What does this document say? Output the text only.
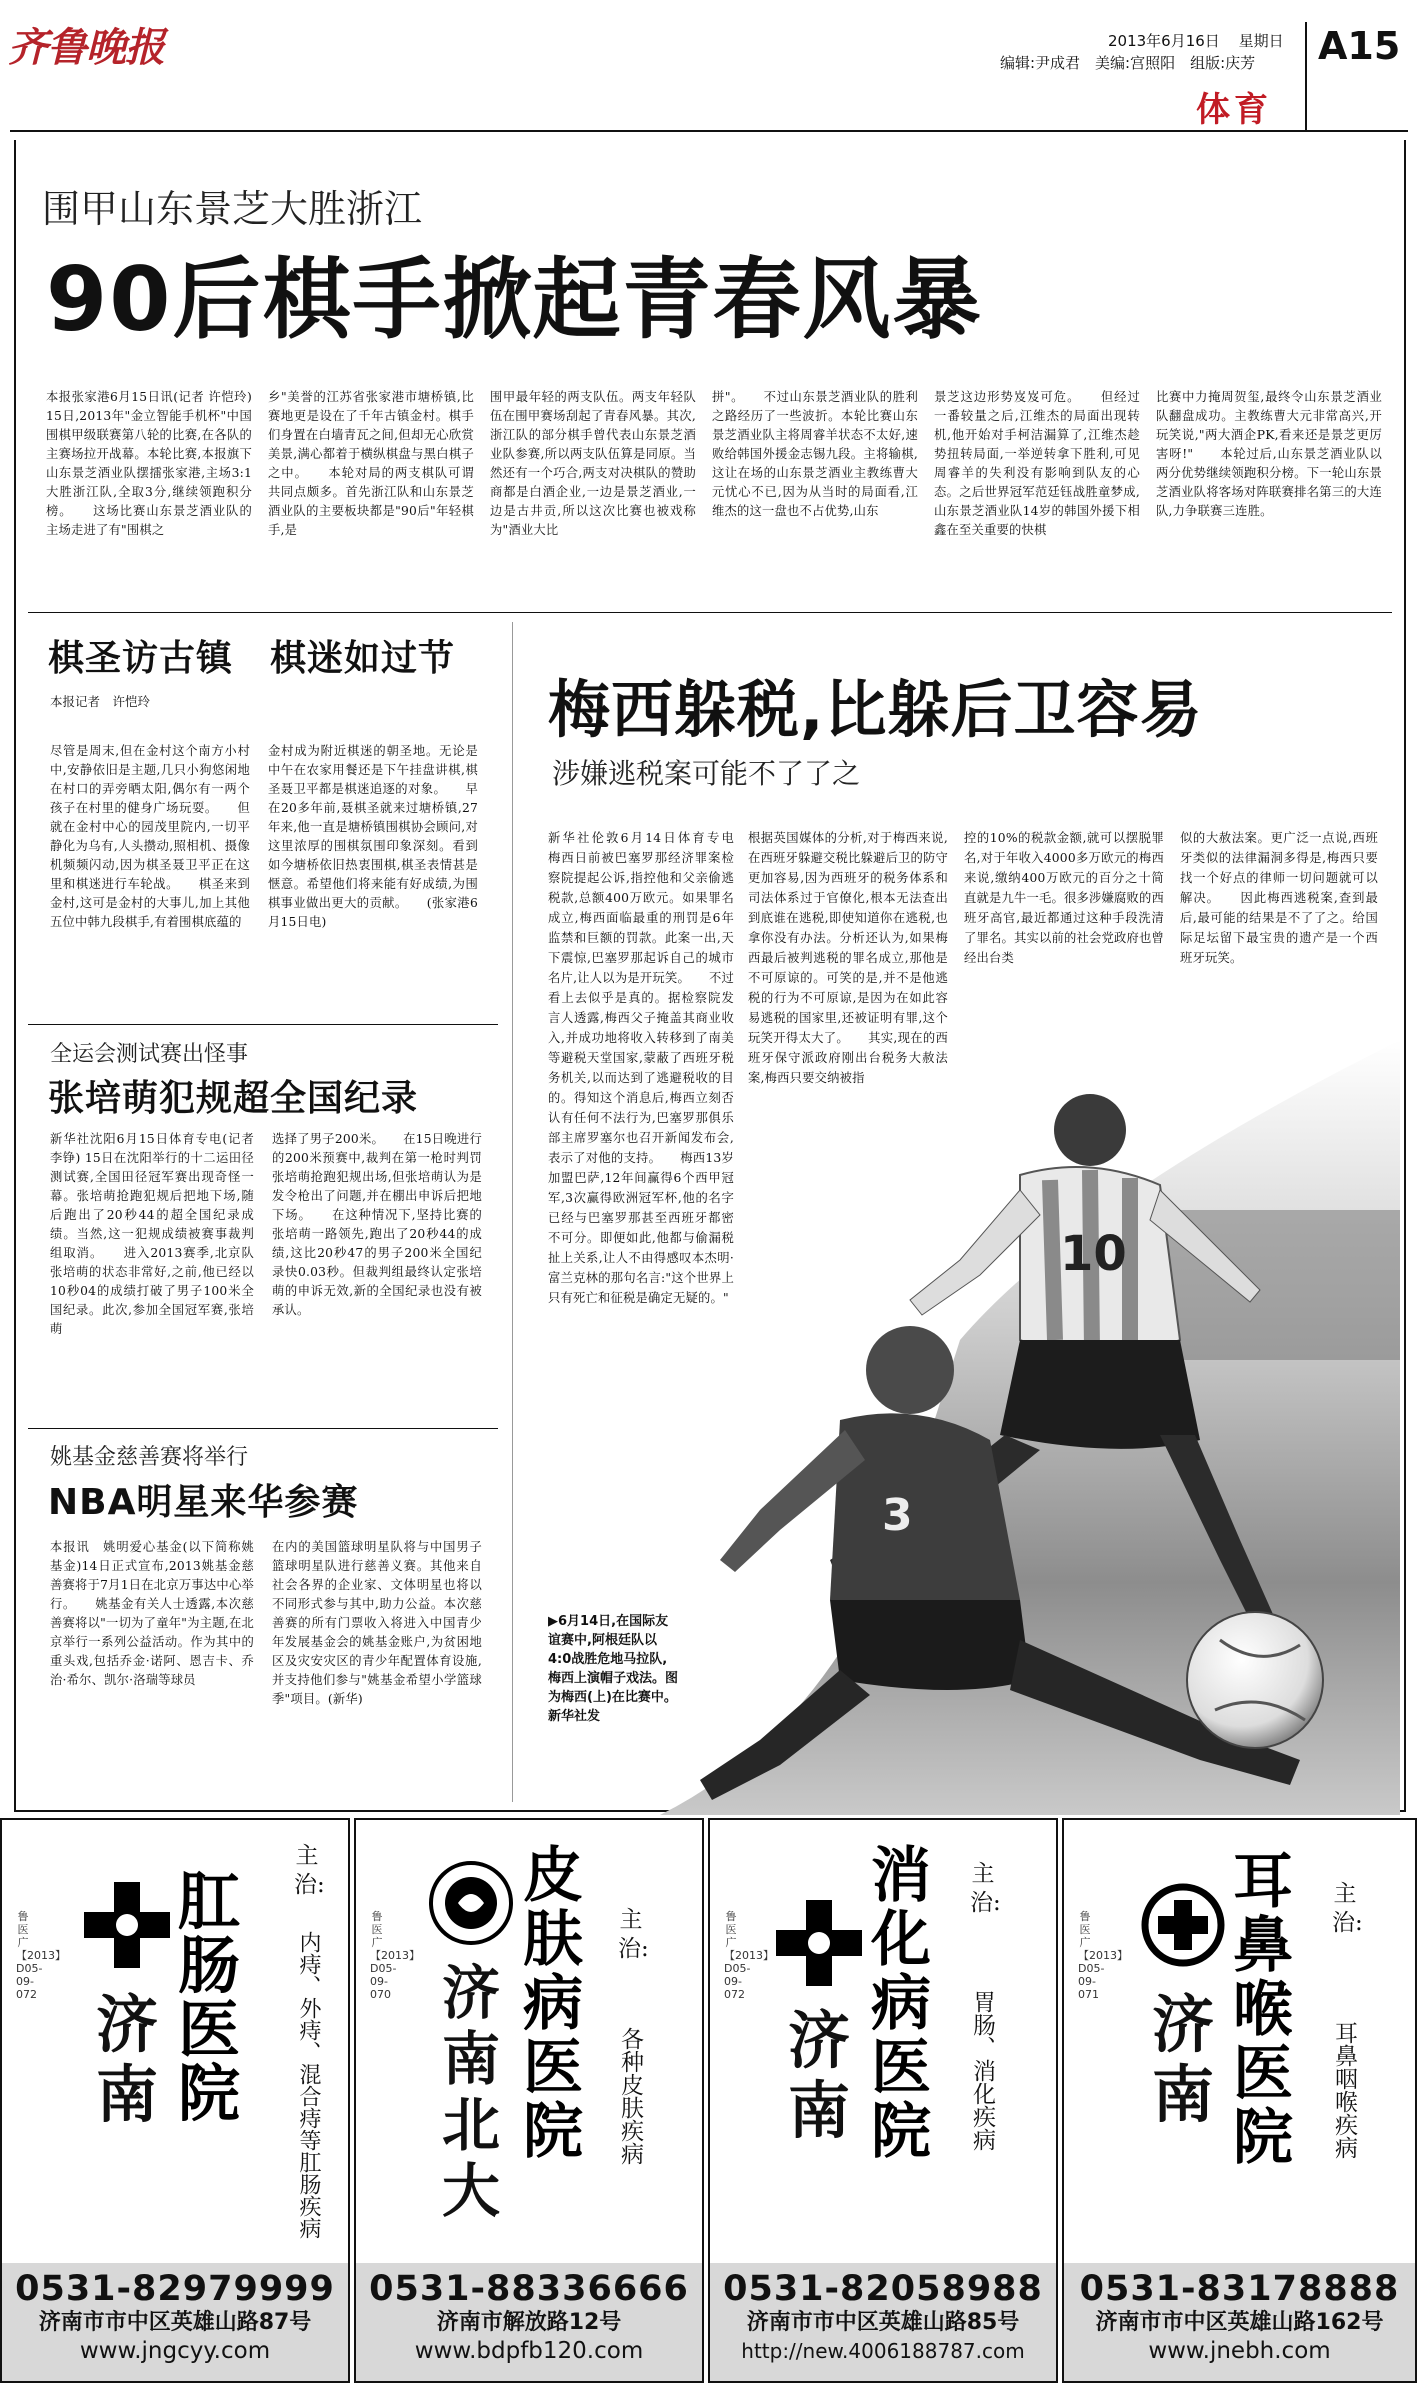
齐鲁晚报	2013年6月16日 星期日
编辑:尹成君　美编:宫照阳　组版:庆芳 A15
体育
围甲山东景芝大胜浙江
90后棋手掀起青春风暴
本报张家港6月15日讯(记者 许恺玲) 15日,2013年"金立智能手机杯"中国围棋甲级联赛第八轮的比赛,在各队的主赛场拉开战幕。本轮比赛,本报旗下山东景芝酒业队摆擂张家港,主场3:1大胜浙江队,全取3分,继续领跑积分榜。　　这场比赛山东景芝酒业队的主场走进了有"围棋之
乡"美誉的江苏省张家港市塘桥镇,比赛地更是设在了千年古镇金村。棋手们身置在白墙青瓦之间,但却无心欣赏美景,满心都着于横纵棋盘与黑白棋子之中。　　本轮对局的两支棋队可谓共同点颇多。首先浙江队和山东景芝酒业队的主要板块都是"90后"年轻棋手,是
围甲最年轻的两支队伍。两支年轻队伍在围甲赛场刮起了青春风暴。其次,浙江队的部分棋手曾代表山东景芝酒业队参赛,所以两支队伍算是同原。当然还有一个巧合,两支对决棋队的赞助商都是白酒企业,一边是景芝酒业,一边是古井贡,所以这次比赛也被戏称为"酒业大比
拼"。　　不过山东景芝酒业队的胜利之路经历了一些波折。本轮比赛山东景芝酒业队主将周睿羊状态不太好,速败给韩国外援金志锡九段。主将输棋,这让在场的山东景芝酒业主教练曹大元忧心不已,因为从当时的局面看,江维杰的这一盘也不占优势,山东
景芝这边形势岌岌可危。　　但经过一番较量之后,江维杰的局面出现转机,他开始对手柯洁漏算了,江维杰趁势扭转局面,一举逆转拿下胜利,可见周睿羊的失利没有影响到队友的心态。之后世界冠军范廷钰战胜童梦成,山东景芝酒业队14岁的韩国外援下相鑫在至关重要的快棋
比赛中力掩周贺玺,最终令山东景芝酒业队翻盘成功。主教练曹大元非常高兴,开玩笑说,"两大酒企PK,看来还是景芝更厉害呀!"　　本轮过后,山东景芝酒业队以两分优势继续领跑积分榜。下一轮山东景芝酒业队将客场对阵联赛排名第三的大连队,力争联赛三连胜。
棋圣访古镇　棋迷如过节
本报记者　许恺玲
尽管是周末,但在金村这个南方小村中,安静依旧是主题,几只小狗悠闲地在村口的弄旁晒太阳,偶尔有一两个孩子在村里的健身广场玩耍。　　但就在金村中心的园茂里院内,一切平静化为乌有,人头攒动,照相机、摄像机频频闪动,因为棋圣聂卫平正在这里和棋迷进行车轮战。　　棋圣来到金村,这可是金村的大事儿,加上其他五位中韩九段棋手,有着围棋底蕴的
金村成为附近棋迷的朝圣地。无论是中午在农家用餐还是下午挂盘讲棋,棋圣聂卫平都是棋迷追逐的对象。　　早在20多年前,聂棋圣就来过塘桥镇,27年来,他一直是塘桥镇围棋协会顾问,对这里浓厚的围棋氛围印象深刻。看到如今塘桥依旧热衷围棋,棋圣表情甚是惬意。希望他们将来能有好成绩,为围棋事业做出更大的贡献。　　(张家港6月15日电)
全运会测试赛出怪事
张培萌犯规超全国纪录
新华社沈阳6月15日体育专电(记者 李铮) 15日在沈阳举行的十二运田径测试赛,全国田径冠军赛出现奇怪一幕。张培萌抢跑犯规后把地下场,随后跑出了20秒44的超全国纪录成绩。当然,这一犯规成绩被赛事裁判组取消。　　进入2013赛季,北京队张培萌的状态非常好,之前,他已经以10秒04的成绩打破了男子100米全国纪录。此次,参加全国冠军赛,张培萌
选择了男子200米。　　在15日晚进行的200米预赛中,裁判在第一枪时判罚张培萌抢跑犯规出场,但张培萌认为是发令枪出了问题,并在棚出申诉后把地下场。　　在这种情况下,坚持比赛的张培萌一路领先,跑出了20秒44的成绩,这比20秒47的男子200米全国纪录快0.03秒。但裁判组最终认定张培萌的申诉无效,新的全国纪录也没有被承认。
姚基金慈善赛将举行
NBA明星来华参赛
本报讯　姚明爱心基金(以下简称姚基金)14日正式宣布,2013姚基金慈善赛将于7月1日在北京万事达中心举行。　　姚基金有关人士透露,本次慈善赛将以"一切为了童年"为主题,在北京举行一系列公益活动。作为其中的重头戏,包括乔金·诺阿、恩吉卡、乔治·希尔、凯尔·洛瑞等球员
在内的美国篮球明星队将与中国男子篮球明星队进行慈善义赛。其他来自社会各界的企业家、文体明星也将以不同形式参与其中,助力公益。本次慈善赛的所有门票收入将进入中国青少年发展基金会的姚基金账户,为贫困地区及灾安灾区的青少年配置体育设施,并支持他们参与"姚基金希望小学篮球季"项目。(新华)
梅西躲税,比躲后卫容易
涉嫌逃税案可能不了了之
10
3
新华社伦敦6月14日体育专电　梅西日前被巴塞罗那经济罪案检察院提起公诉,指控他和父亲偷逃税款,总额400万欧元。如果罪名成立,梅西面临最重的刑罚是6年监禁和巨额的罚款。此案一出,天下震惊,巴塞罗那起诉自己的城市名片,让人以为是开玩笑。　　不过看上去似乎是真的。据检察院发言人透露,梅西父子掩盖其商业收入,并成功地将收入转移到了南美等避税天堂国家,蒙蔽了西班牙税务机关,以而达到了逃避税收的目的。得知这个消息后,梅西立刻否认有任何不法行为,巴塞罗那俱乐部主席罗塞尔也召开新闻发布会,表示了对他的支持。　　梅西13岁加盟巴萨,12年间赢得6个西甲冠军,3次赢得欧洲冠军杯,他的名字已经与巴塞罗那甚至西班牙都密不可分。即便如此,他都与偷漏税扯上关系,让人不由得感叹本杰明·富兰克林的那句名言:"这个世界上只有死亡和征税是确定无疑的。"
根据英国媒体的分析,对于梅西来说,在西班牙躲避交税比躲避后卫的防守更加容易,因为西班牙的税务体系和司法体系过于官僚化,根本无法查出到底谁在逃税,即使知道你在逃税,也拿你没有办法。分析还认为,如果梅西最后被判逃税的罪名成立,那他是不可原谅的。可笑的是,并不是他逃税的行为不可原谅,是因为在如此容易逃税的国家里,还被证明有罪,这个玩笑开得太大了。　　其实,现在的西班牙保守派政府刚出台税务大赦法案,梅西只要交纳被指
控的10%的税款金额,就可以摆脱罪名,对于年收入4000多万欧元的梅西来说,缴纳400万欧元的百分之十简直就是九牛一毛。很多涉嫌腐败的西班牙高官,最近都通过这种手段洗清了罪名。其实以前的社会党政府也曾经出台类
似的大赦法案。更广泛一点说,西班牙类似的法律漏洞多得是,梅西只要找一个好点的律师一切问题就可以解决。　　因此梅西逃税案,查到最后,最可能的结果是不了了之。给国际足坛留下最宝贵的遗产是一个西班牙玩笑。
▶6月14日,在国际友谊赛中,阿根廷队以4:0战胜危地马拉队,梅西上演帽子戏法。图为梅西(上)在比赛中。　新华社发
鲁医广【2013】D05-09-072 济
南
肛
肠
医
院
主治:
内痔、外痔、混合痔等肛肠疾病
0531-82979999
济南市市中区英雄山路87号
www.jngcyy.com
鲁医广【2013】D05-09-070 济
南
北
大
皮
肤
病
医
院
主治:
各种皮肤疾病
0531-88336666
济南市解放路12号
www.bdpfb120.com
鲁医广【2013】D05-09-072
济
南
消
化
病
医
院
主治:
胃肠、消化疾病
0531-82058988
济南市市中区英雄山路85号
http://new.4006188787.com
鲁医广【2013】D05-09-071 济
南
耳
鼻
喉
医
院
主治:
耳鼻咽喉疾病
0531-83178888
济南市市中区英雄山路162号
www.jnebh.com
